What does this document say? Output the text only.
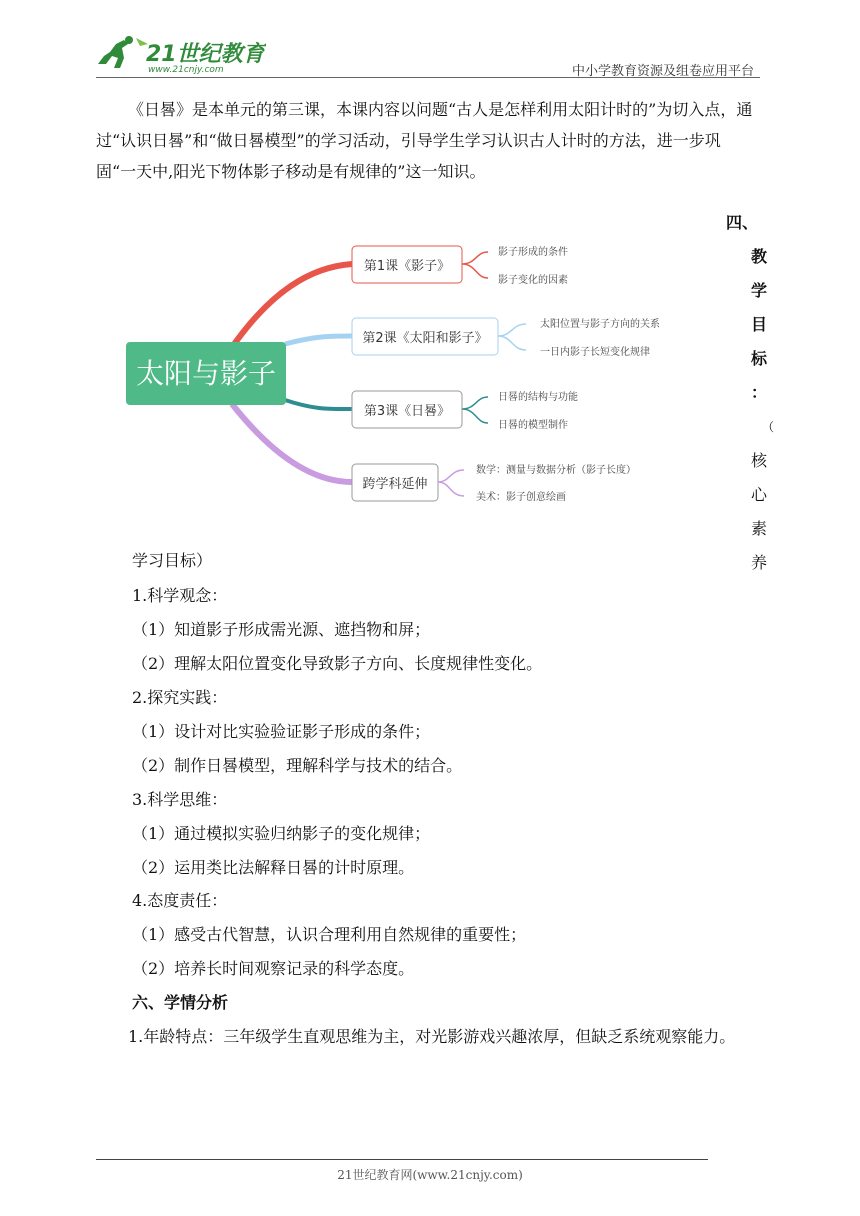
21世纪教育
www.21cnjy.com	中小学教育资源及组卷应用平台
《日晷》是本单元的第三课，本课内容以问题“古人是怎样利用太阳计时的”为切入点，通过“认识日晷”和“做日晷模型”的学习活动，引导学生学习认识古人计时的方法，进一步巩固“一天中,阳光下物体影子移动是有规律的”这一知识。
四、
教
学
目
标
：
（
核
心
素
养
太阳与影子
第1课《影子》
第2课《太阳和影子》
第3课《日晷》
跨学科延伸
影子形成的条件
影子变化的因素
太阳位置与影子方向的关系
一日内影子长短变化规律
日晷的结构与功能
日晷的模型制作
数学：测量与数据分析（影子长度）
美术：影子创意绘画
学习目标）
1.科学观念：
（1）知道影子形成需光源、遮挡物和屏；
（2）理解太阳位置变化导致影子方向、长度规律性变化。
2.探究实践：
（1）设计对比实验验证影子形成的条件；
（2）制作日晷模型，理解科学与技术的结合。
3.科学思维：
（1）通过模拟实验归纳影子的变化规律；
（2）运用类比法解释日晷的计时原理。
4.态度责任：
（1）感受古代智慧，认识合理利用自然规律的重要性；
（2）培养长时间观察记录的科学态度。
六、学情分析
1.年龄特点：三年级学生直观思维为主，对光影游戏兴趣浓厚，但缺乏系统观察能力。
21世纪教育网(www.21cnjy.com)
